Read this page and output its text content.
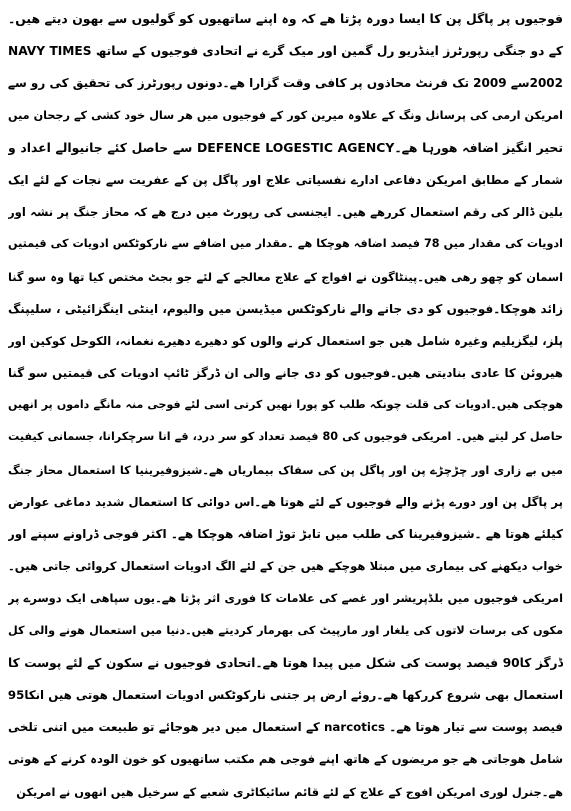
فوجیوں پر پاگل پن کا ایسا دورہ پڑتا ھے کہ وہ اپنے ساتھیوں کو گولیوں سے بھون دیتے ھیں۔
NAVY TIMES کے دو جنگی رپورٹرز اینڈریو رل گمین اور میک گرے نے اتحادی فوجیوں کے ساتھ
2002سے 2009 تک فرنٹ محاذوں پر کافی وقت گزارا ھے۔دونوں رپورٹرز کی تحقیق کی رو سے
امریکن ارمی کی پرسانل ونگ کے علاوہ میرین کور کے فوجیوں میں ھر سال خود کشی کے رجحان میں
تحیر انگیز اضافہ ھورہا ھے۔DEFENCE LOGESTIC AGENCY سے حاصل کئے جانیوالے اعداد و
شمار کے مطابق امریکن دفاعی ادارے نفسیاتی علاج اور پاگل پن کے عفریت سے نجات کے لئے ایک
بلین ڈالر کی رقم استعمال کررھے ھیں۔ ایجنسی کی رپورٹ میں درج ھے کہ محاز جنگ پر نشہ اور
ادویات کی مقدار میں 78 فیصد اضافہ ھوچکا ھے ۔مقدار میں اضافے سے نارکوٹکس ادویات کی قیمتیں
اسمان کو چھو رھی ھیں۔پینٹاگون نے افواج کے علاج معالجے کے لئے جو بجٹ مختص کیا تھا وہ سو گنا
زائد ھوچکا۔فوجیوں کو دی جانے والے نارکوٹکس میڈیسن میں والیوم، اینٹی اینگزائیٹی ، سلیپنگ
پلز، لیگزیلیم وغیرہ شامل ھیں جو استعمال کرنے والوں کو دھیرے دھیرے نغمانہ، الکوحل کوکین اور
ھیروئن کا عادی بنادیتی ھیں۔فوجیوں کو دی جانے والی ان ڈرگز ٹائپ ادویات کی قیمتیں سو گنا
ھوچکی ھیں۔ادویات کی قلت چونکہ طلب کو پورا نھیں کرتی اسی لئے فوجی منہ مانگے داموں پر انھیں
حاصل کر لیتے ھیں۔ امریکی فوجیوں کی 80 فیصد تعداد کو سر درد، قے انا سرچکرانا، جسمانی کیفیت
میں بے زاری اور چڑچڑے پن اور پاگل پن کی سفاک بیماریاں ھے۔شیزوفیرینیا کا استعمال محاز جنگ
پر پاگل پن اور دورے پڑنے والے فوجیوں کے لئے ھوتا ھے۔اس دوائی کا استعمال شدید دماغی عوارض
کیلئے ھوتا ھے ۔شیزوفیرینا کی طلب میں تابڑ توڑ اضافہ ھوچکا ھے۔ اکثر فوجی ڈراونے سپنے اور
خواب دیکھنے کی بیماری میں مبتلا ھوچکے ھیں جن کے لئے الگ ادویات استعمال کروائی جاتی ھیں۔
امریکی فوجیوں میں بلڈپریشر اور غصے کی علامات کا فوری اثر پڑتا ھے۔یوں سپاھی ایک دوسرے پر
مکوں کی برسات لاتوں کی یلغار اور مارپیٹ کی بھرمار کردیتے ھیں۔دنیا میں استعمال ھونے والی کل
ڈرگز کا90 فیصد پوست کی شکل میں پیدا ھوتا ھے۔اتحادی فوجیوں نے سکون کے لئے پوست کا
استعمال بھی شروع کررکھا ھے۔روئے ارض پر جتنی نارکوٹکس ادویات استعمال ھوتی ھیں انکا95
فیصد پوست سے تیار ھوتا ھے۔ narcotics کے استعمال میں دیر ھوجائے تو طبیعت میں اتنی تلخی
شامل ھوجاتی ھے جو مریضوں کے ھاتھ اپنے فوجی ھم مکتب ساتھیوں کو خون الودہ کرنے کے ھوتی
ھے۔جنرل لوری امریکن افوج کے علاج کے لئے قائم سائیکاٹری شعبے کے سرخیل ھیں انھوں نے امریکن
